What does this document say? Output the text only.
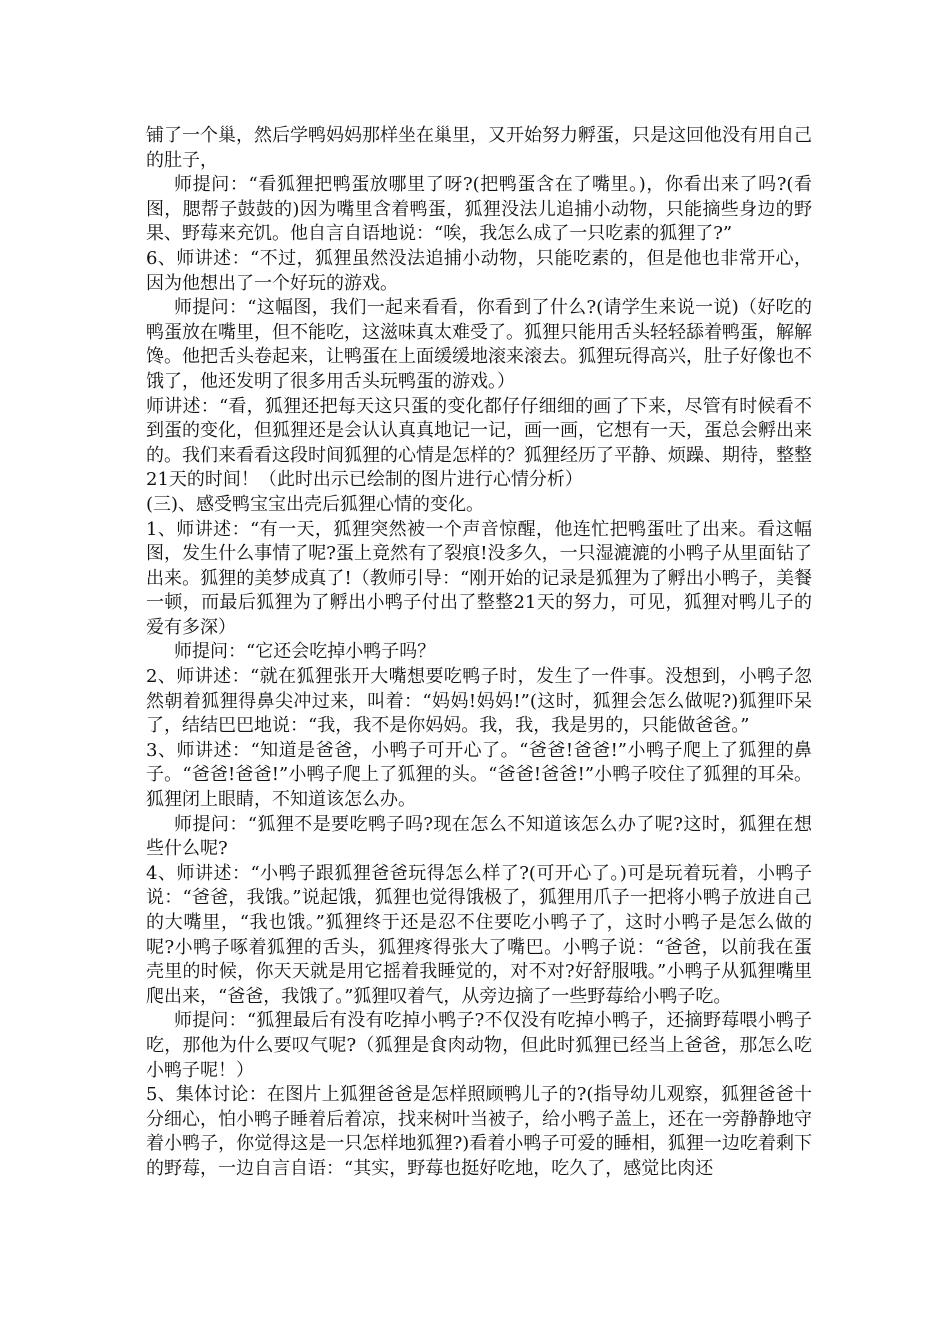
铺了一个巢，然后学鸭妈妈那样坐在巢里，又开始努力孵蛋，只是这回他没有用自己的肚子，

师提问：“看狐狸把鸭蛋放哪里了呀?(把鸭蛋含在了嘴里。)，你看出来了吗?(看图，腮帮子鼓鼓的)因为嘴里含着鸭蛋，狐狸没法儿追捕小动物，只能摘些身边的野果、野莓来充饥。他自言自语地说：“唉，我怎么成了一只吃素的狐狸了?”

6、师讲述：“不过，狐狸虽然没法追捕小动物，只能吃素的，但是他也非常开心，因为他想出了一个好玩的游戏。

师提问：“这幅图，我们一起来看看，你看到了什么?(请学生来说一说)（好吃的鸭蛋放在嘴里，但不能吃，这滋味真太难受了。狐狸只能用舌头轻轻舔着鸭蛋，解解馋。他把舌头卷起来，让鸭蛋在上面缓缓地滚来滚去。狐狸玩得高兴，肚子好像也不饿了，他还发明了很多用舌头玩鸭蛋的游戏。）

师讲述：“看，狐狸还把每天这只蛋的变化都仔仔细细的画了下来，尽管有时候看不到蛋的变化，但狐狸还是会认认真真地记一记，画一画，它想有一天，蛋总会孵出来的。我们来看看这段时间狐狸的心情是怎样的？狐狸经历了平静、烦躁、期待，整整21天的时间！（此时出示已绘制的图片进行心情分析）

(三)、感受鸭宝宝出壳后狐狸心情的变化。

1、师讲述：“有一天，狐狸突然被一个声音惊醒，他连忙把鸭蛋吐了出来。看这幅图，发生什么事情了呢?蛋上竟然有了裂痕!没多久，一只湿漉漉的小鸭子从里面钻了出来。狐狸的美梦成真了!（教师引导：“刚开始的记录是狐狸为了孵出小鸭子，美餐一顿，而最后狐狸为了孵出小鸭子付出了整整21天的努力，可见，狐狸对鸭儿子的爱有多深）

师提问：“它还会吃掉小鸭子吗？

2、师讲述：“就在狐狸张开大嘴想要吃鸭子时，发生了一件事。没想到，小鸭子忽然朝着狐狸得鼻尖冲过来，叫着：“妈妈!妈妈!”(这时，狐狸会怎么做呢?)狐狸吓呆了，结结巴巴地说：“我，我不是你妈妈。我，我，我是男的，只能做爸爸。”

3、师讲述：“知道是爸爸，小鸭子可开心了。“爸爸!爸爸!”小鸭子爬上了狐狸的鼻子。“爸爸!爸爸!”小鸭子爬上了狐狸的头。“爸爸!爸爸!”小鸭子咬住了狐狸的耳朵。狐狸闭上眼睛，不知道该怎么办。

师提问：“狐狸不是要吃鸭子吗?现在怎么不知道该怎么办了呢?这时，狐狸在想些什么呢?

4、师讲述：“小鸭子跟狐狸爸爸玩得怎么样了?(可开心了。)可是玩着玩着，小鸭子说：“爸爸，我饿。”说起饿，狐狸也觉得饿极了，狐狸用爪子一把将小鸭子放进自己的大嘴里，“我也饿。”狐狸终于还是忍不住要吃小鸭子了，这时小鸭子是怎么做的呢?小鸭子啄着狐狸的舌头，狐狸疼得张大了嘴巴。小鸭子说：“爸爸，以前我在蛋壳里的时候，你天天就是用它摇着我睡觉的，对不对?好舒服哦。”小鸭子从狐狸嘴里爬出来，“爸爸，我饿了。”狐狸叹着气，从旁边摘了一些野莓给小鸭子吃。

师提问：“狐狸最后有没有吃掉小鸭子?不仅没有吃掉小鸭子，还摘野莓喂小鸭子吃，那他为什么要叹气呢?（狐狸是食肉动物，但此时狐狸已经当上爸爸，那怎么吃小鸭子呢！）

5、集体讨论：在图片上狐狸爸爸是怎样照顾鸭儿子的?(指导幼儿观察，狐狸爸爸十分细心，怕小鸭子睡着后着凉，找来树叶当被子，给小鸭子盖上，还在一旁静静地守着小鸭子，你觉得这是一只怎样地狐狸?)看着小鸭子可爱的睡相，狐狸一边吃着剩下的野莓，一边自言自语：“其实，野莓也挺好吃地，吃久了，感觉比肉还
